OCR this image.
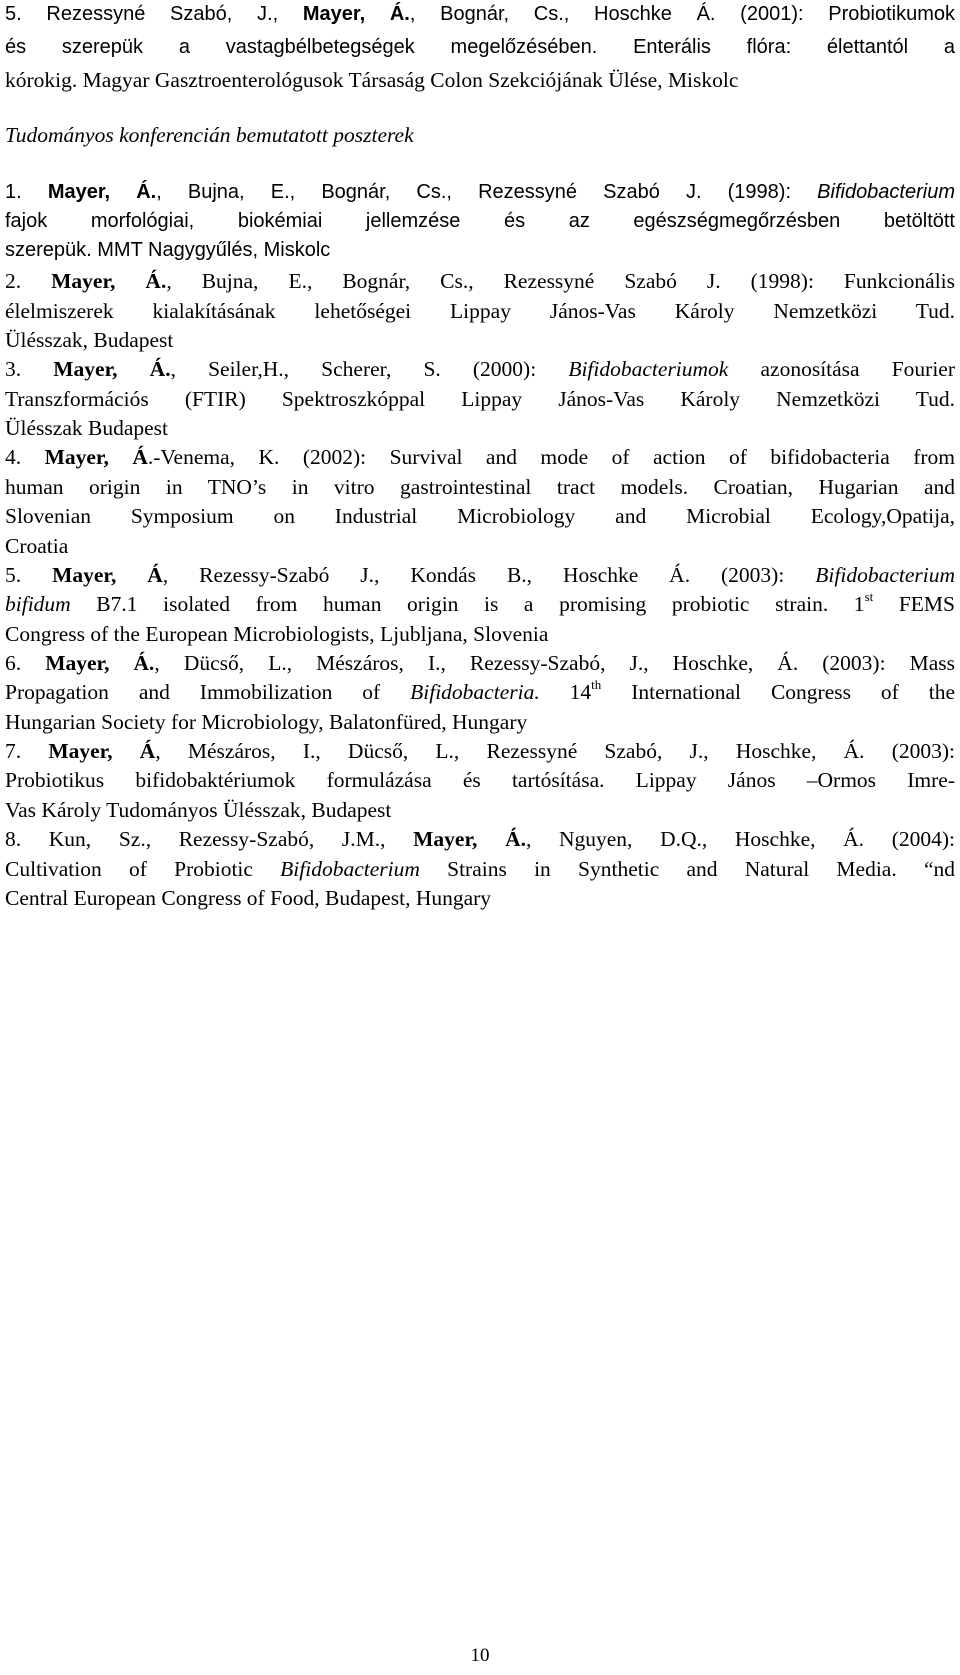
5. Rezessyné Szabó, J., Mayer, Á., Bognár, Cs., Hoschke Á. (2001): Probiotikumok
és szerepük a vastagbélbetegségek megelőzésében. Enterális flóra: élettantól a
kórokig. Magyar Gasztroenterológusok Társaság Colon Szekciójának Ülése, Miskolc
Tudományos konferencián bemutatott poszterek
1. Mayer, Á., Bujna, E., Bognár, Cs., Rezessyné Szabó J. (1998): Bifidobacterium
fajok morfológiai, biokémiai jellemzése és az egészségmegőrzésben betöltött
szerepük. MMT Nagygyűlés, Miskolc
2. Mayer, Á., Bujna, E., Bognár, Cs., Rezessyné Szabó J. (1998): Funkcionális
élelmiszerek kialakításának lehetőségei Lippay János-Vas Károly Nemzetközi Tud.
Ülésszak, Budapest
3. Mayer, Á., Seiler,H., Scherer, S. (2000): Bifidobacteriumok azonosítása Fourier
Transzformációs (FTIR) Spektroszkóppal Lippay János-Vas Károly Nemzetközi Tud.
Ülésszak Budapest
4. Mayer, Á.-Venema, K. (2002): Survival and mode of action of bifidobacteria from
human origin in TNO’s in vitro gastrointestinal tract models. Croatian, Hugarian and
Slovenian Symposium on Industrial Microbiology and Microbial Ecology,Opatija,
Croatia
5. Mayer, Á, Rezessy-Szabó J., Kondás B., Hoschke Á. (2003): Bifidobacterium
bifidum B7.1 isolated from human origin is a promising probiotic strain. 1st FEMS
Congress of the European Microbiologists, Ljubljana, Slovenia
6. Mayer, Á., Dücső, L., Mészáros, I., Rezessy-Szabó, J., Hoschke, Á. (2003): Mass
Propagation and Immobilization of Bifidobacteria. 14th International Congress of the
Hungarian Society for Microbiology, Balatonfüred, Hungary
7. Mayer, Á, Mészáros, I., Dücső, L., Rezessyné Szabó, J., Hoschke, Á. (2003):
Probiotikus bifidobaktériumok formulázása és tartósítása. Lippay János –Ormos Imre-
Vas Károly Tudományos Ülésszak, Budapest
8. Kun, Sz., Rezessy-Szabó, J.M., Mayer, Á., Nguyen, D.Q., Hoschke, Á. (2004):
Cultivation of Probiotic Bifidobacterium Strains in Synthetic and Natural Media. “nd
Central European Congress of Food, Budapest, Hungary
10
